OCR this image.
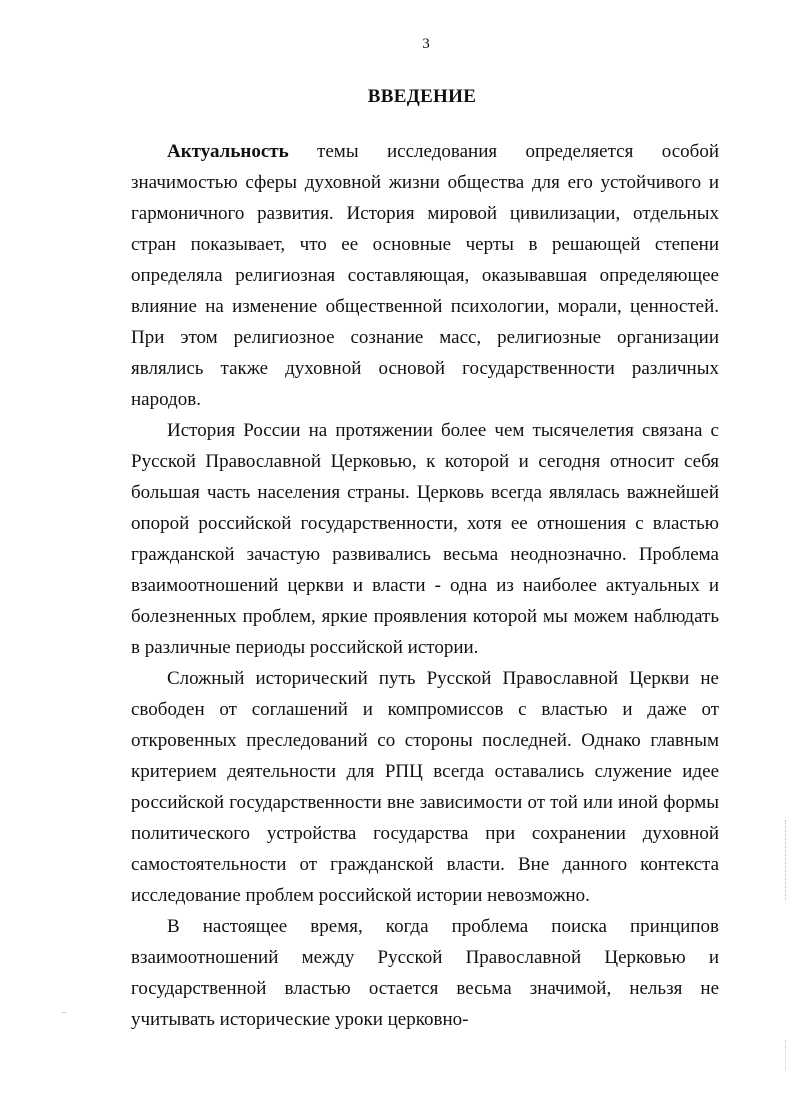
3
ВВЕДЕНИЕ

Актуальность темы исследования определяется особой значимостью сферы духовной жизни общества для его устойчивого и гармоничного развития. История мировой цивилизации, отдельных стран показывает, что ее основные черты в решающей степени определяла религиозная составляющая, оказывавшая определяющее влияние на изменение общественной психологии, морали, ценностей. При этом религиозное сознание масс, религиозные организации являлись также духовной основой государственности различных народов.

История России на протяжении более чем тысячелетия связана с Русской Православной Церковью, к которой и сегодня относит себя большая часть населения страны. Церковь всегда являлась важнейшей опорой российской государственности, хотя ее отношения с властью гражданской зачастую развивались весьма неоднозначно. Проблема взаимоотношений церкви и власти - одна из наиболее актуальных и болезненных проблем, яркие проявления которой мы можем наблюдать в различные периоды российской истории.

Сложный исторический путь Русской Православной Церкви не свободен от соглашений и компромиссов с властью и даже от откровенных преследований со стороны последней. Однако главным критерием деятельности для РПЦ всегда оставались служение идее российской государственности вне зависимости от той или иной формы политического устройства государства при сохранении духовной самостоятельности от гражданской власти. Вне данного контекста исследование проблем российской истории невозможно.

В настоящее время, когда проблема поиска принципов взаимоотношений между Русской Православной Церковью и государственной властью остается весьма значимой, нельзя не учитывать исторические уроки церковно-
